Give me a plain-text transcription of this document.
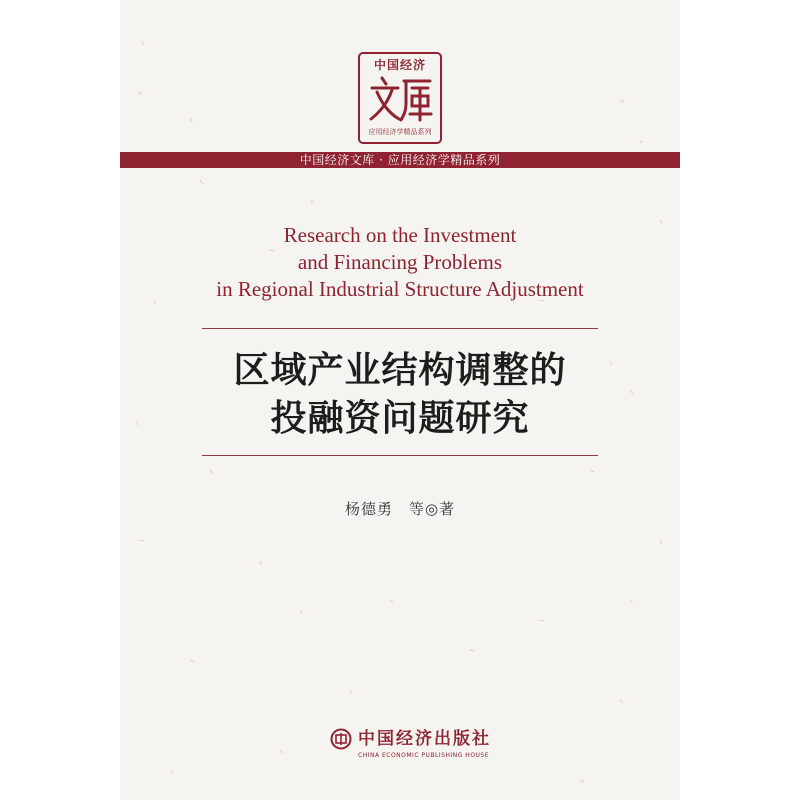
中国经济
应用经济学精品系列
中国经济文库 · 应用经济学精品系列
Research on the Investment
and Financing Problems
in Regional Industrial Structure Adjustment
区域产业结构调整的
投融资问题研究
杨德勇　等◎著
中国经济出版社
CHINA ECONOMIC PUBLISHING HOUSE
